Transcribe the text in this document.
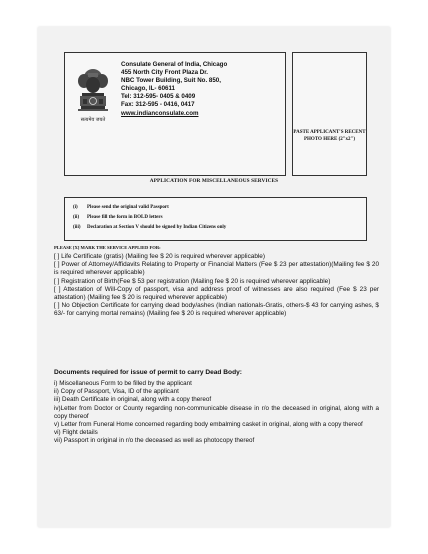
सत्यमेव जयते
Consulate General of India, Chicago
455 North City Front Plaza Dr.
NBC Tower Building, Suit No. 850,
Chicago, IL- 60611
Tel: 312-595- 0405 & 0409
Fax: 312-595 - 0416, 0417
www.indianconsulate.com
PASTE APPLICANT'S RECENT
PHOTO HERE (2"x2")
APPLICATION FOR MISCELLANEOUS SERVICES
(i) Please send the original valid Passport
(ii) Please fill the form in BOLD letters
(iii) Declaration at Section V should be signed by Indian Citizens only
PLEASE [X] MARK THE SERVICE APPLIED FOR:

[ ] Life Certificate (gratis) (Mailing fee $ 20 is required wherever applicable)

[ ] Power of Attorney/Affidavits Relating to Property or Financial Matters (Fee $ 23 per attestation)(Mailing fee $ 20 is required wherever applicable)

[ ] Registration of Birth(Fee $ 53 per registration (Mailing fee $ 20 is required wherever applicable)

[ ] Attestation of Will-Copy of passport, visa and address proof of witnesses are also required (Fee $ 23 per attestation) (Mailing fee $ 20 is required wherever applicable)

[ ] No Objection Certificate for carrying dead body/ashes (Indian nationals-Gratis, others-$ 43 for carrying ashes, $ 63/- for carrying mortal remains) (Mailing fee $ 20 is required wherever applicable)

Documents required for issue of permit to carry Dead Body:

i) Miscellaneous Form to be filled by the applicant

ii) Copy of Passport, Visa, ID of the applicant

iii) Death Certificate in original, along with a copy thereof

iv)Letter from Doctor or County regarding non-communicable disease in r/o the deceased in original, along with a copy thereof

v) Letter from Funeral Home concerned regarding body embalming casket in original, along with a copy thereof

vi) Flight details

vii) Passport in original in r/o the deceased as well as photocopy thereof
